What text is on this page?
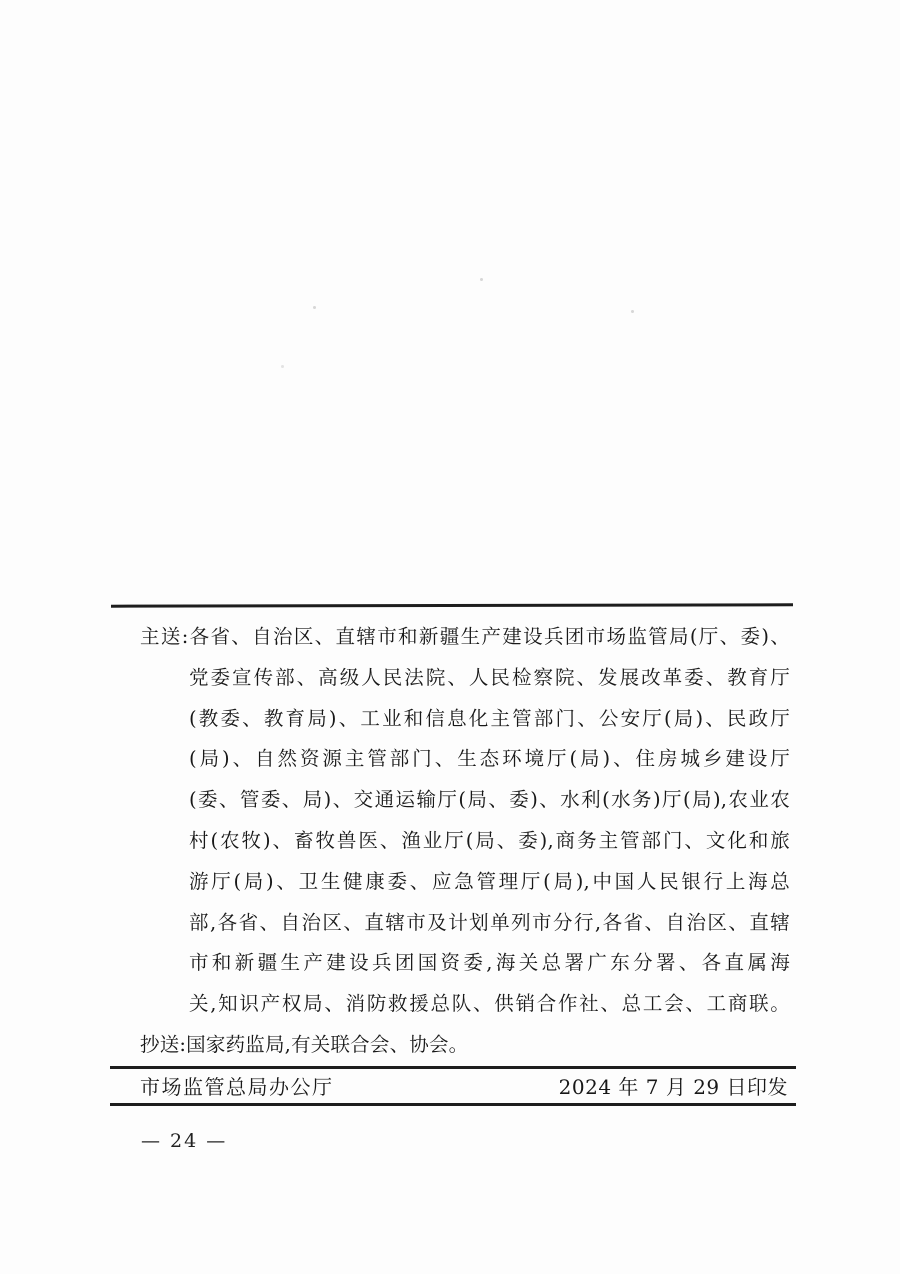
主送:各省、自治区、直辖市和新疆生产建设兵团市场监管局(厅、委)、
党委宣传部、高级人民法院、人民检察院、发展改革委、教育厅
(教委、教育局)、工业和信息化主管部门、公安厅(局)、民政厅
(局)、自然资源主管部门、生态环境厅(局)、住房城乡建设厅
(委、管委、局)、交通运输厅(局、委)、水利(水务)厅(局),农业农
村(农牧)、畜牧兽医、渔业厅(局、委),商务主管部门、文化和旅
游厅(局)、卫生健康委、应急管理厅(局),中国人民银行上海总
部,各省、自治区、直辖市及计划单列市分行,各省、自治区、直辖
市和新疆生产建设兵团国资委,海关总署广东分署、各直属海
关,知识产权局、消防救援总队、供销合作社、总工会、工商联。
抄送:国家药监局,有关联合会、协会。
市场监管总局办公厅	2024 年 7 月 29 日印发
— 24 —
